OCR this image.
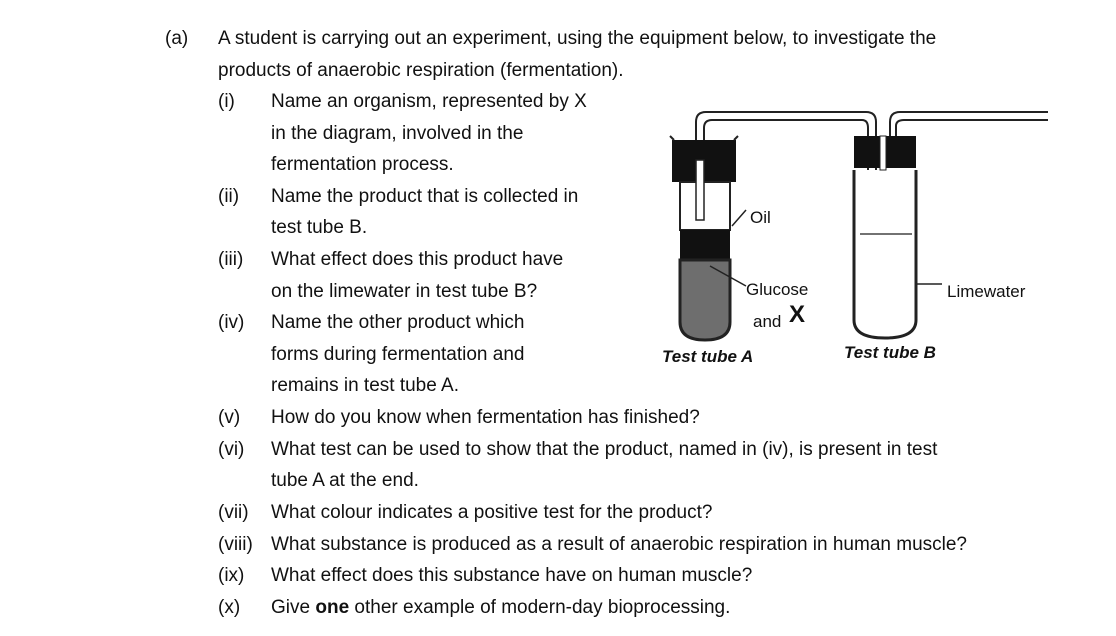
(a) A student is carrying out an experiment, using the equipment below, to investigate the
products of anaerobic respiration (fermentation).
(i) Name an organism, represented by X
in the diagram, involved in the
fermentation process.
(ii) Name the product that is collected in
test tube B.
(iii) What effect does this product have
on the limewater in test tube B?
(iv) Name the other product which
forms during fermentation and
remains in test tube A.
(v) How do you know when fermentation has finished?
(vi) What test can be used to show that the product, named in (iv), is present in test
tube A at the end.
(vii) What colour indicates a positive test for the product?
(viii) What substance is produced as a result of anaerobic respiration in human muscle?
(ix) What effect does this substance have on human muscle?
(x) Give one other example of modern-day bioprocessing.
Oil
Glucose
and X
Limewater
Test tube A	Test tube B
